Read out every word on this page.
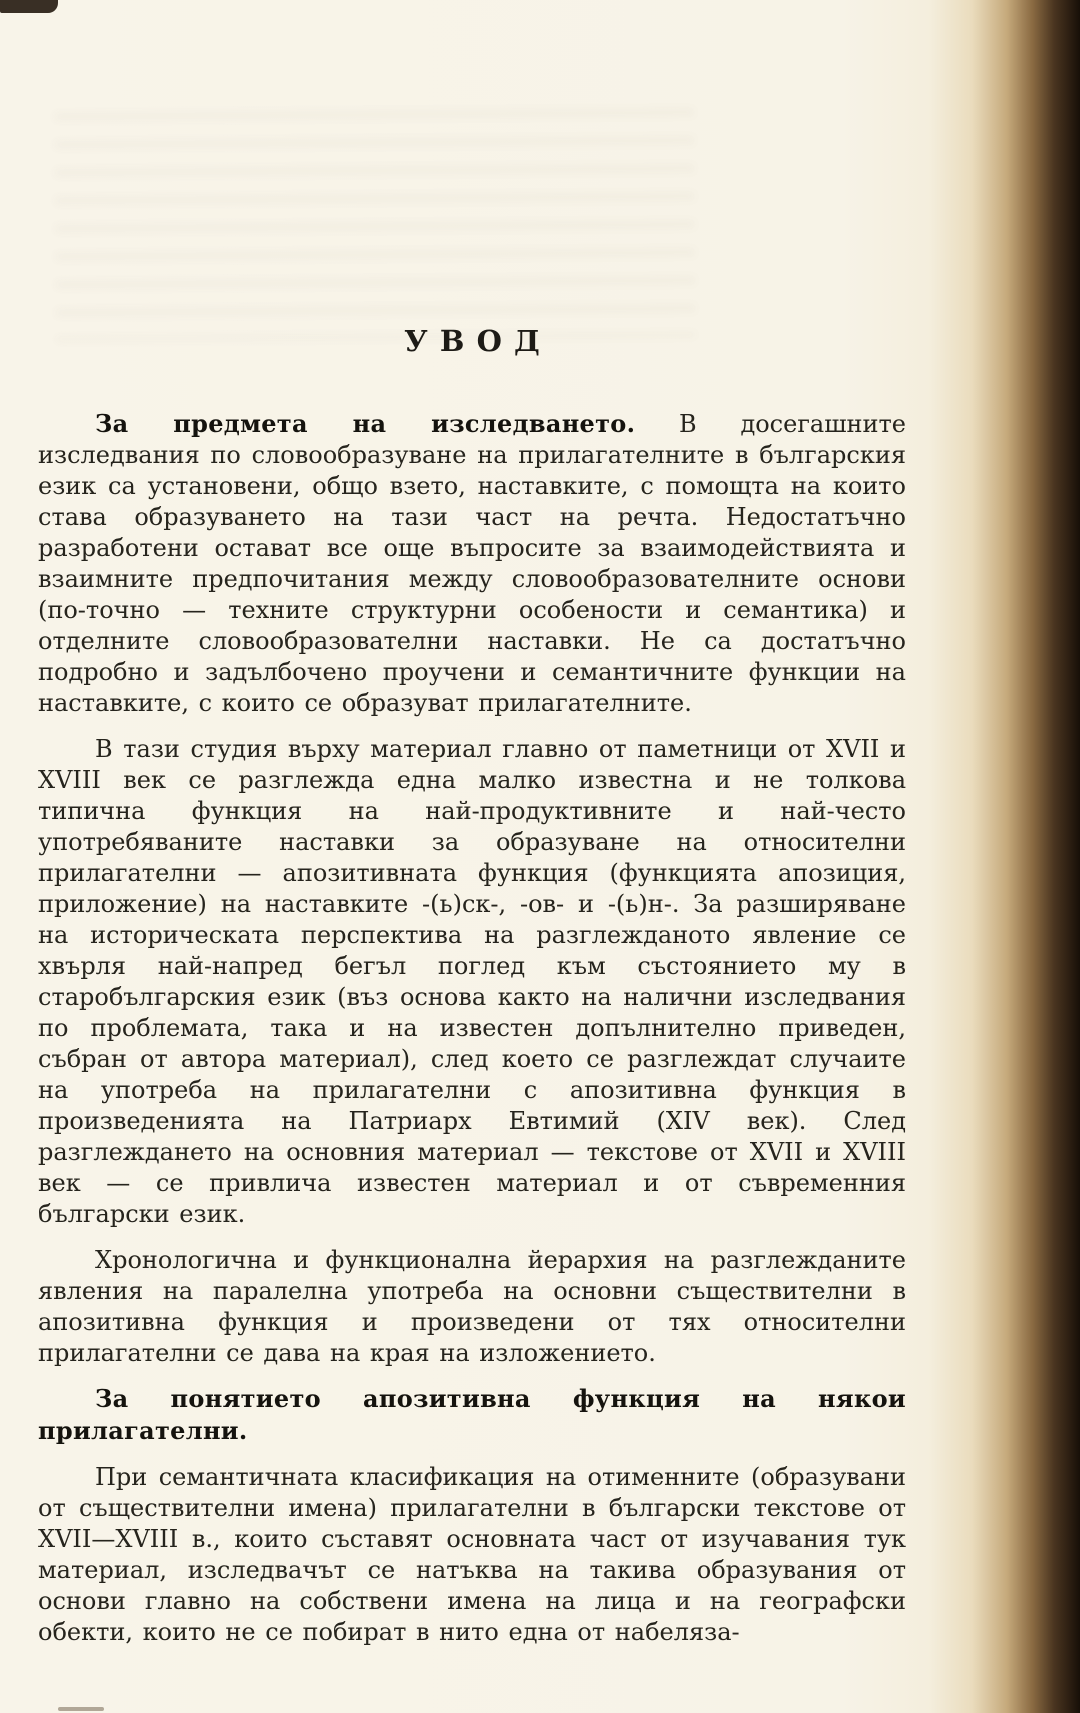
УВОД

За предмета на изследването. В досегашните изследвания по словообразуване на прилагателните в българския език са установени, общо взето, наставките, с помощта на които става образуването на тази част на речта. Недостатъчно разработени остават все още въпросите за взаимодействията и взаимните предпочитания между словообразователните основи (по-точно — техните структурни особености и семантика) и отделните словообразователни наставки. Не са достатъчно подробно и задълбочено проучени и семантичните функции на наставките, с които се образуват прилагателните.

В тази студия върху материал главно от паметници от XVII и XVIII век се разглежда една малко известна и не толкова типична функция на най-продуктивните и най-често употребяваните наставки за образуване на относителни прилагателни — апозитивната функция (функцията апозиция, приложение) на наставките -(ь)ск-, -ов- и -(ь)н-. За разширяване на историческата перспектива на разглежданото явление се хвърля най-напред бегъл поглед към състоянието му в старобългарския език (въз основа както на налични изследвания по проблемата, така и на известен допълнително приведен, събран от автора материал), след което се разглеждат случаите на употреба на прилагателни с апозитивна функция в произведенията на Патриарх Евтимий (XIV век). След разглеждането на основния материал — текстове от XVII и XVIII век — се привлича известен материал и от съвременния български език.

Хронологична и функционална йерархия на разглежданите явления на паралелна употреба на основни съществителни в апозитивна функция и произведени от тях относителни прилагателни се дава на края на изложението.

За понятието апозитивна функция на някои прилагателни.

При семантичната класификация на отименните (образувани от съществителни имена) прилагателни в български текстове от XVII—XVIII в., които съставят основната част от изучавания тук материал, изследвачът се натъква на такива образувания от основи главно на собствени имена на лица и на географски обекти, които не се побират в нито една от набеляза-
